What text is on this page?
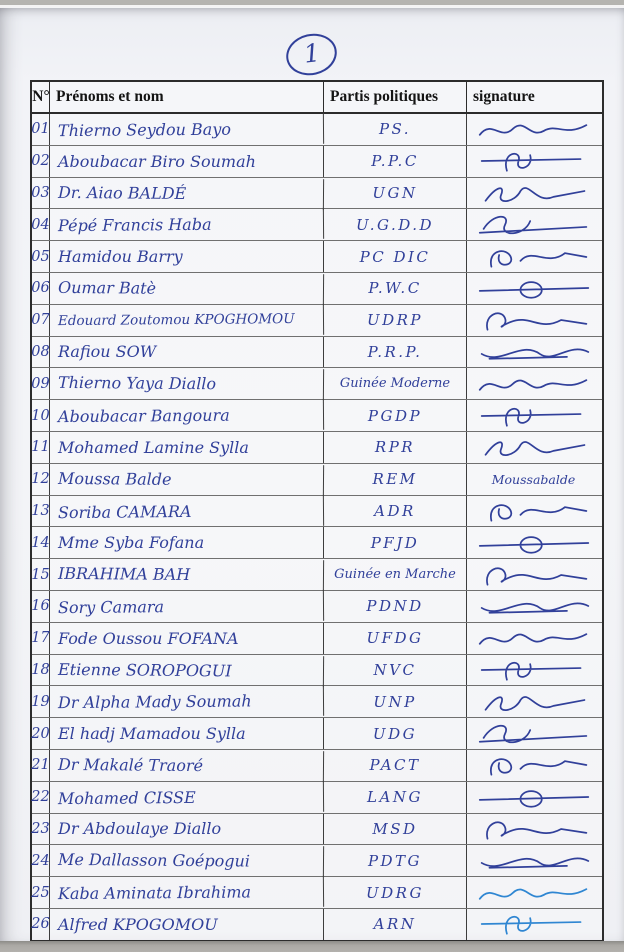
1
N° Prénoms et nom	Partis politiques	signature
01 Thierno Seydou Bayo	PS.
02 Aboubacar Biro Soumah	P.P.C
03 Dr. Aiao BALDÉ	UGN
04 Pépé Francis Haba	U.G.D.D
05 Hamidou Barry	PC DIC
06 Oumar Batè	P.W.C
07 Edouard Zoutomou KPOGHOMOU	UDRP
08 Rafiou SOW	P.R.P.
09 Thierno Yaya Diallo	Guinée Moderne
10 Aboubacar Bangoura	PGDP
11 Mohamed Lamine Sylla	RPR
12 Moussa Balde	REM	Moussabalde
13 Soriba CAMARA	ADR
14 Mme Syba Fofana	PFJD
15 IBRAHIMA BAH	Guinée en Marche
16 Sory Camara	PDND
17 Fode Oussou FOFANA	UFDG
18 Etienne SOROPOGUI	NVC
19 Dr Alpha Mady Soumah	UNP
20 El hadj Mamadou Sylla	UDG
21 Dr Makalé Traoré	PACT
22 Mohamed CISSE	LANG
23 Dr Abdoulaye Diallo	MSD
24 Me Dallasson Goépogui	PDTG
25 Kaba Aminata Ibrahima	UDRG
26 Alfred KPOGOMOU	ARN
